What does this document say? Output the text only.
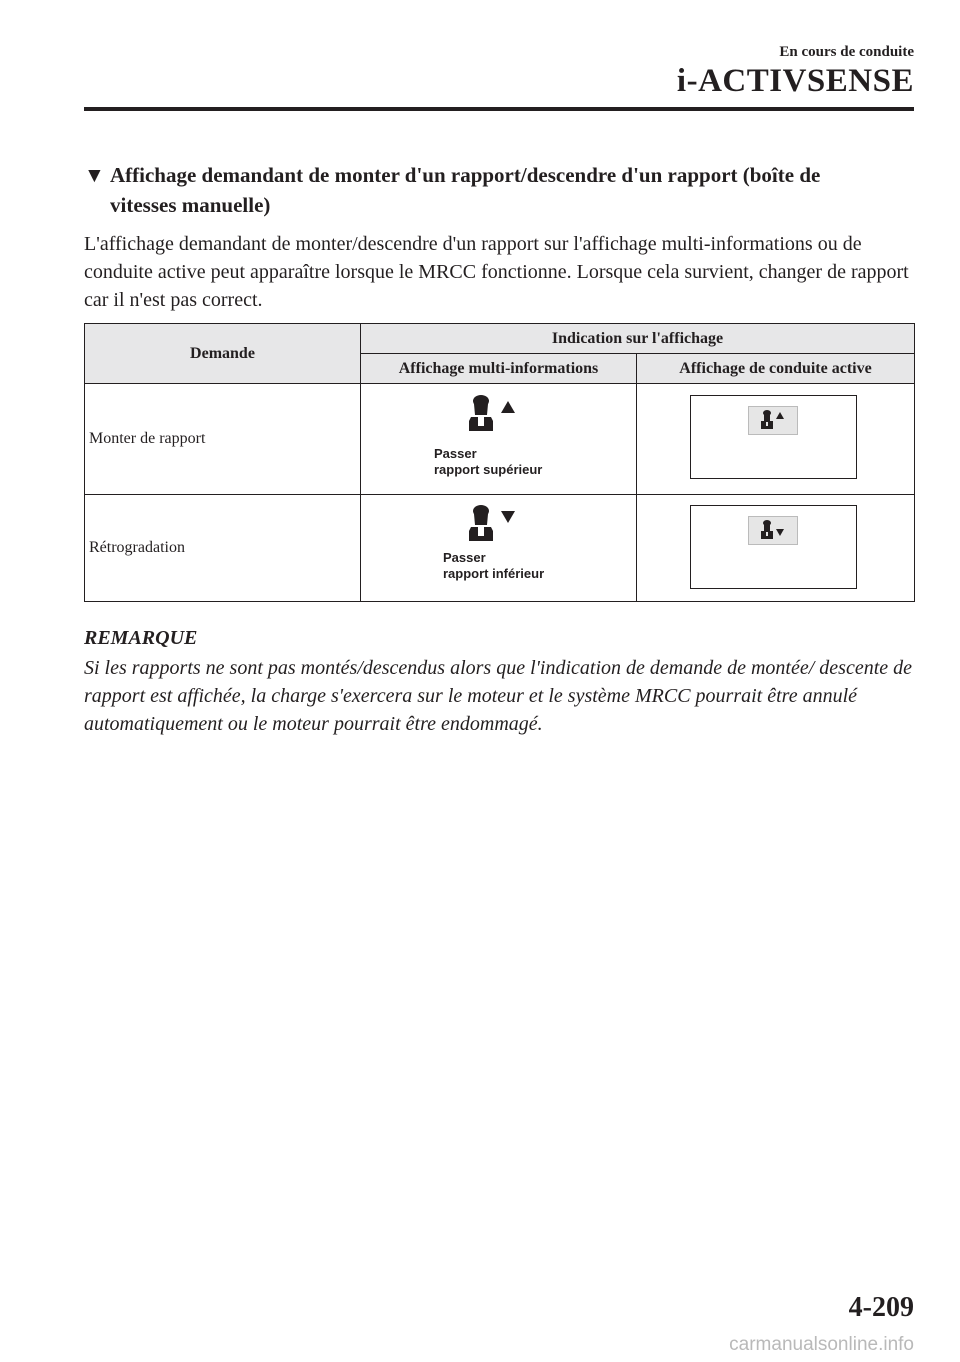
En cours de conduite
i-ACTIVSENSE
▼ Affichage demandant de monter d'un rapport/descendre d'un rapport (boîte de
vitesses manuelle)

L'affichage demandant de monter/descendre d'un rapport sur l'affichage multi-informations ou de conduite active peut apparaître lorsque le MRCC fonctionne. Lorsque cela survient, changer de rapport car il n'est pas correct.

Demande	Indication sur l'affichage	
	Affichage multi-informations	Affichage de conduite active
Monter de rapport	Passer
rapport supérieur

Rétrogradation	Passer
rapport inférieur

REMARQUE

Si les rapports ne sont pas montés/descendus alors que l'indication de demande de montée/ descente de rapport est affichée, la charge s'exercera sur le moteur et le système MRCC pourrait être annulé automatiquement ou le moteur pourrait être endommagé.

4-209
carmanualsonline.info
